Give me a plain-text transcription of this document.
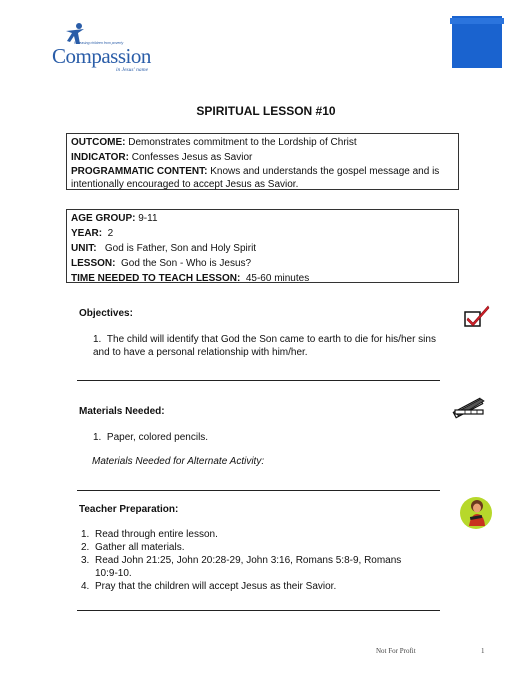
Releasing children from poverty
Compassion
in Jesus' name
SPIRITUAL LESSON #10
OUTCOME: Demonstrates commitment to the Lordship of Christ
INDICATOR: Confesses Jesus as Savior
PROGRAMMATIC CONTENT: Knows and understands the gospel message and is intentionally encouraged to accept Jesus as Savior.
AGE GROUP: 9-11
YEAR:  2
UNIT:   God is Father, Son and Holy Spirit
LESSON:  God the Son - Who is Jesus?
TIME NEEDED TO TEACH LESSON:  45-60 minutes
Objectives:
1. The child will identify that God the Son came to earth to die for his/her sins and to have a personal relationship with him/her.
Materials Needed:
1. Paper, colored pencils.
Materials Needed for Alternate Activity:
Teacher Preparation:
1. Read through entire lesson.
2. Gather all materials.
3. Read John 21:25, John 20:28-29, John 3:16, Romans 5:8-9, Romans 10:9-10.
4. Pray that the children will accept Jesus as their Savior.
Not For Profit	1
